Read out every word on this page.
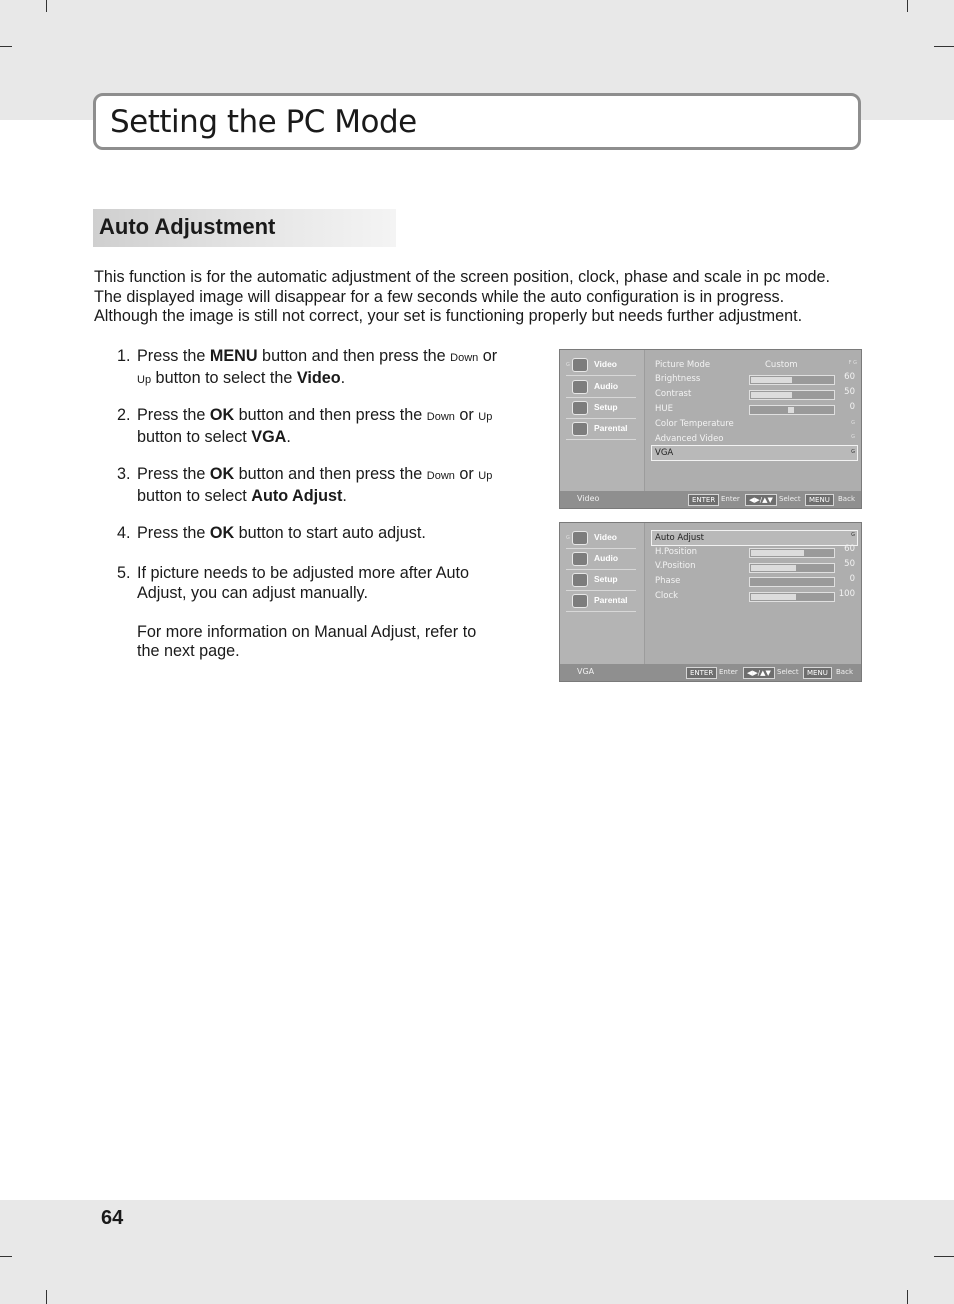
Setting the PC Mode
Auto Adjustment

This function is for the automatic adjustment of the screen position, clock, phase and scale in pc mode.

The displayed image will disappear for a few seconds while the auto configuration is in progress.

Although the image is still not correct, your set is functioning properly but needs further adjustment.

1. Press the MENU button and then press the Down or
Up button to select the Video.
2. Press the OK button and then press the Down or Up
button to select VGA.
3. Press the OK button and then press the Down or Up
button to select Auto Adjust.
4. Press the OK button to start auto adjust.
5. If picture needs to be adjusted more after Auto
Adjust, you can adjust manually.
For more information on Manual Adjust, refer to
the next page.
G	Video
Audio
Setup
Parental
F G
Picture Mode	Custom
Brightness	60
Contrast	50
HUE	0
Color Temperature	G
Advanced Video	G
VGA	G
Video	ENTER Enter	◀▶/▲▼ Select	MENU	Back
G	Video
Audio
Setup
Parental
Auto Adjust	G
H.Position	60
V.Position	50
Phase	0
Clock	100
VGA	ENTER Enter	◀▶/▲▼ Select	MENU	Back
64
